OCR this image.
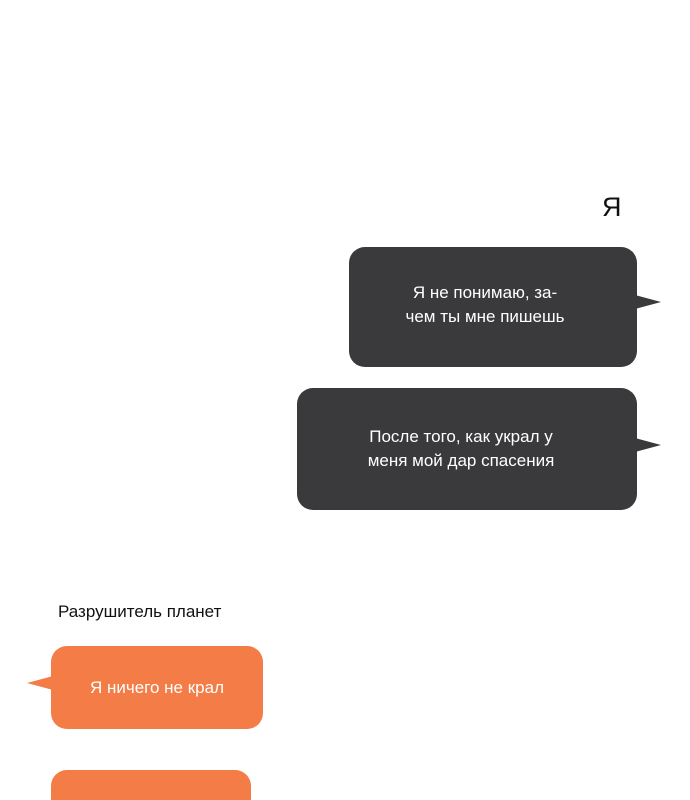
Я
Я не понимаю, за-
чем ты мне пишешь
После того, как украл у
меня мой дар спасения
Разрушитель планет
Я ничего не крал
